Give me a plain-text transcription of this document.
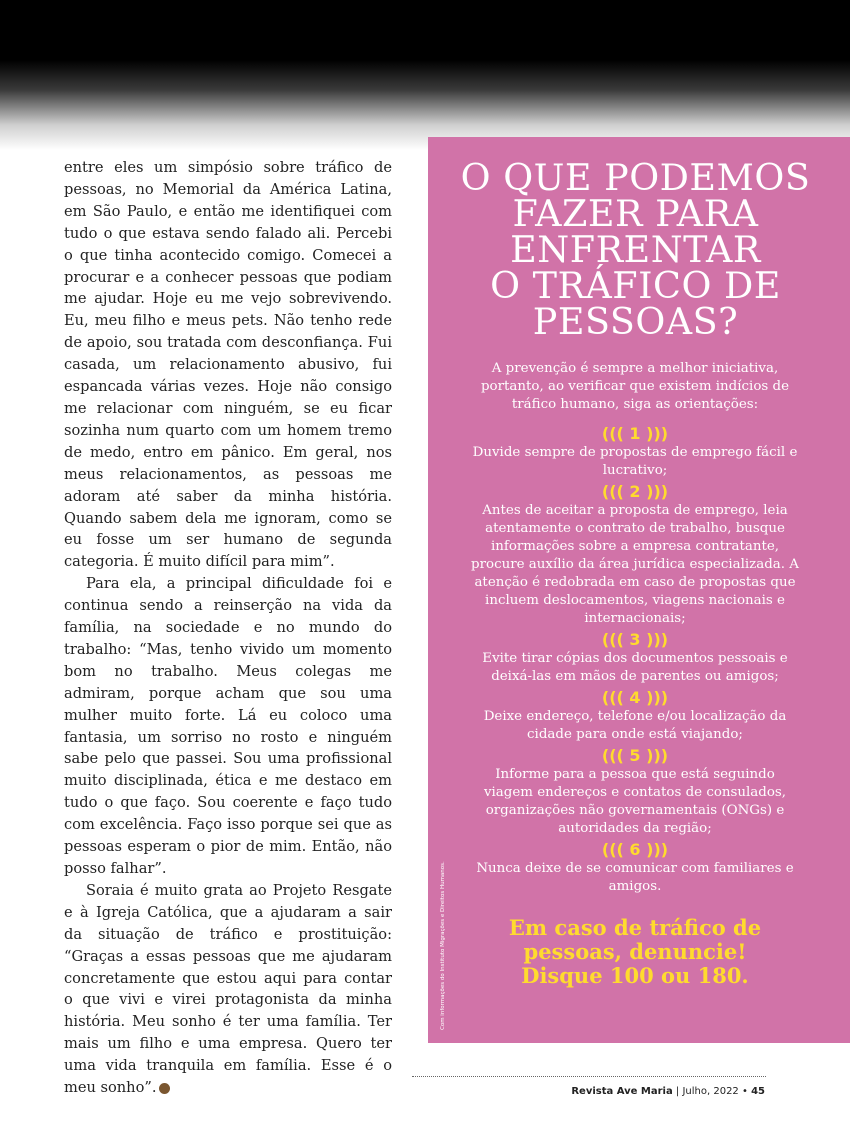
entre eles um simpósio sobre tráfico de pessoas, no Memorial da América Latina, em São Paulo, e então me identifiquei com tudo o que estava sendo falado ali. Percebi o que tinha acontecido comigo. Comecei a procurar e a conhecer pessoas que podiam me ajudar. Hoje eu me vejo sobrevivendo. Eu, meu filho e meus pets. Não tenho rede de apoio, sou tratada com desconfiança. Fui casada, um relacionamento abusivo, fui espancada várias vezes. Hoje não consigo me relacionar com ninguém, se eu ficar sozinha num quarto com um homem tremo de medo, entro em pânico. Em geral, nos meus relacionamentos, as pessoas me adoram até saber da minha história. Quando sabem dela me ignoram, como se eu fosse um ser humano de segunda categoria. É muito difícil para mim”.

Para ela, a principal dificuldade foi e continua sendo a reinserção na vida da família, na sociedade e no mundo do trabalho: “Mas, tenho vivido um momento bom no trabalho. Meus colegas me admiram, porque acham que sou uma mulher muito forte. Lá eu coloco uma fantasia, um sorriso no rosto e ninguém sabe pelo que passei. Sou uma profissional muito disciplinada, ética e me destaco em tudo o que faço. Sou coerente e faço tudo com excelência. Faço isso porque sei que as pessoas esperam o pior de mim. Então, não posso falhar”.

Soraia é muito grata ao Projeto Resgate e à Igreja Católica, que a ajudaram a sair da situação de tráfico e prostituição: “Graças a essas pessoas que me ajudaram concretamente que estou aqui para contar o que vivi e virei protagonista da minha história. Meu sonho é ter uma família. Ter mais um filho e uma empresa. Quero ter uma vida tranquila em família. Esse é o meu sonho”.

O QUE PODEMOS
FAZER PARA
ENFRENTAR
O TRÁFICO DE
PESSOAS?

A prevenção é sempre a melhor iniciativa, portanto, ao verificar que existem indícios de tráfico humano, siga as orientações:

((( 1 )))

Duvide sempre de propostas de emprego fácil e lucrativo;

((( 2 )))

Antes de aceitar a proposta de emprego, leia atentamente o contrato de trabalho, busque informações sobre a empresa contratante, procure auxílio da área jurídica especializada. A atenção é redobrada em caso de propostas que incluem deslocamentos, viagens nacionais e internacionais;

((( 3 )))

Evite tirar cópias dos documentos pessoais e deixá-las em mãos de parentes ou amigos;

((( 4 )))

Deixe endereço, telefone e/ou localização da cidade para onde está viajando;

((( 5 )))

Informe para a pessoa que está seguindo viagem endereços e contatos de consulados, organizações não governamentais (ONGs) e autoridades da região;

((( 6 )))

Nunca deixe de se comunicar com familiares e amigos.

Em caso de tráfico de
pessoas, denuncie!
Disque 100 ou 180.

Com informações do Instituto Migrações e Direitos Humanos.
Revista Ave Maria | Julho, 2022 • 45
